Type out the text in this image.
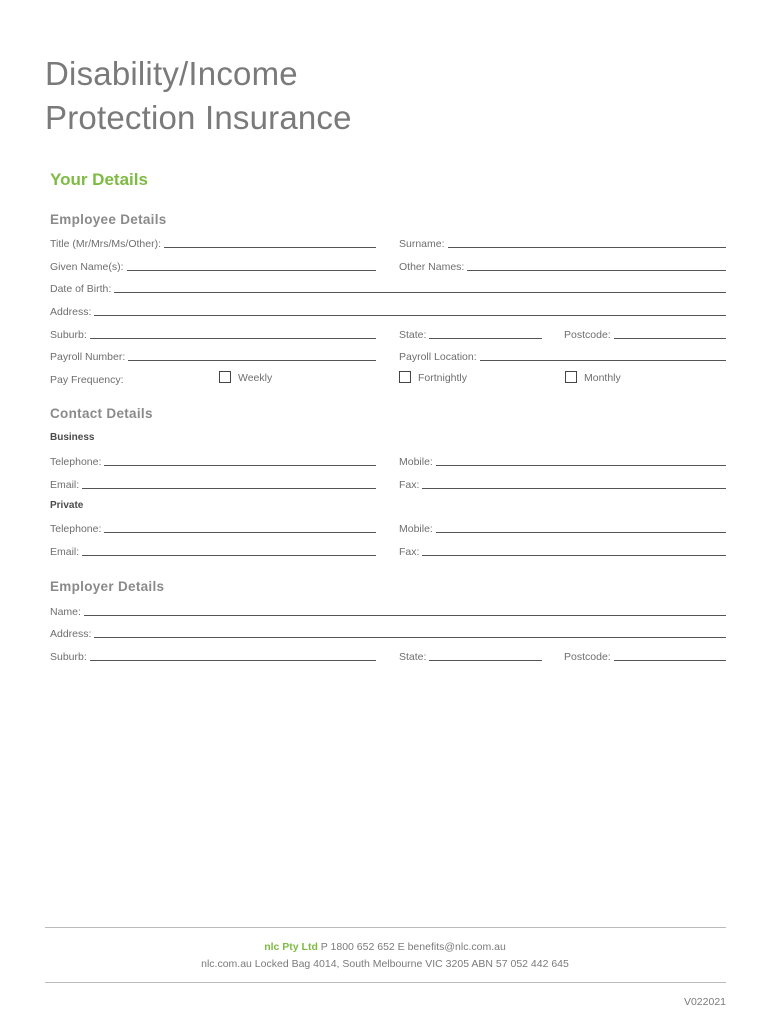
Disability/Income
Protection Insurance
Your Details
Employee Details
Title (Mr/Mrs/Ms/Other):	Surname:
Given Name(s):	Other Names:
Date of Birth:
Address:
Suburb:	State:	Postcode:
Payroll Number:	Payroll Location:
Pay Frequency:	Weekly	Fortnightly	Monthly
Contact Details
Business
Telephone:	Mobile:
Email:	Fax:
Private
Telephone:	Mobile:
Email:	Fax:
Employer Details
Name:
Address:
Suburb:	State:	Postcode:
nlc Pty Ltd P 1800 652 652 E benefits@nlc.com.au
nlc.com.au Locked Bag 4014, South Melbourne VIC 3205 ABN 57 052 442 645
V022021
